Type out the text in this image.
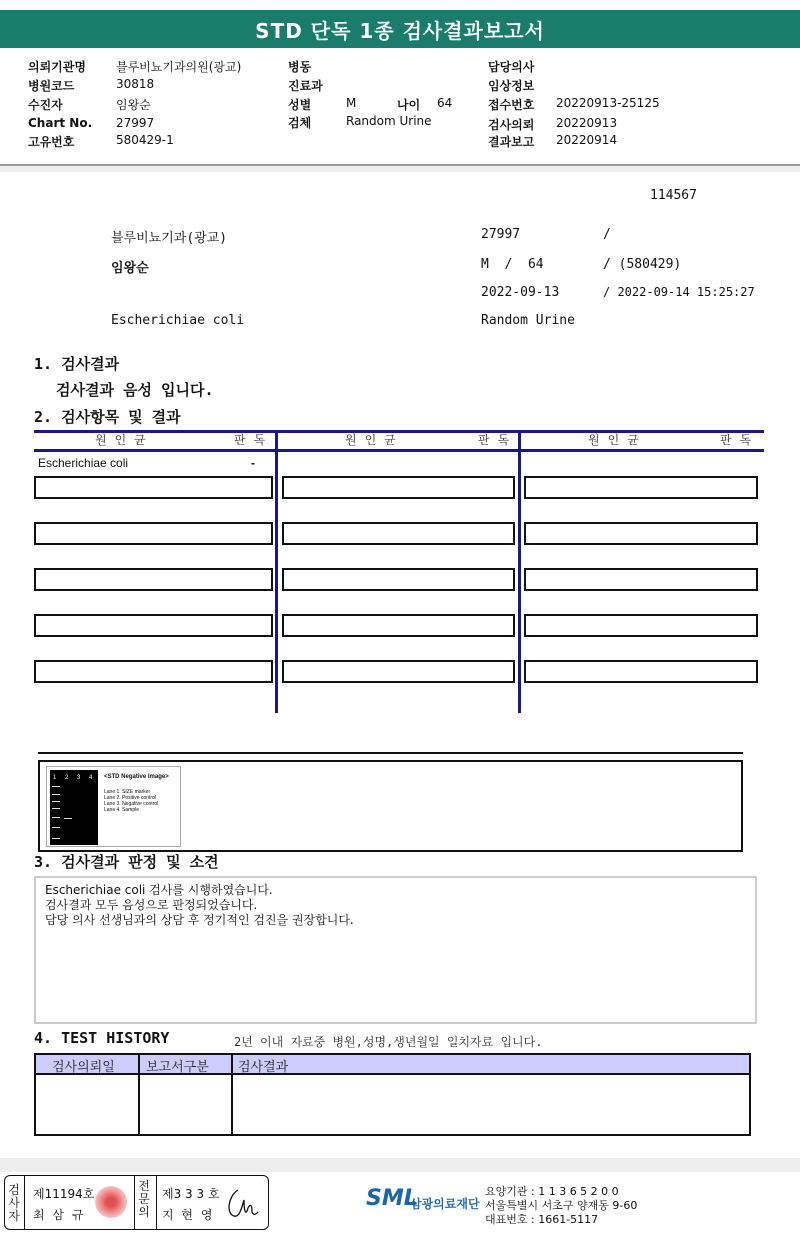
STD 단독 1종 검사결과보고서
의뢰기관명	블루비뇨기과의원(광교)
병원코드	30818
수진자	임왕순
Chart No. 27997
고유번호	580429-1
병동
진료과
성별	M	나이 64
검체	Random Urine
담당의사
임상정보
접수번호 20220913-25125
검사의뢰 20220913
결과보고 20220914
114567
블루비뇨기과(광교)	27997	/
임왕순	M  /  64	/ (580429)
2022-09-13	/ 2022-09-14 15:25:27
Escherichiae coli	Random Urine
1. 검사결과
검사결과 음성 입니다.
2. 검사항목 및 결과
원인균	판독	원인균	판독	원인균	판독
Escherichiae coli	-
1 2 3 4 <STD Negative Image>
Lane 1. SIZE marker
Lane 2. Positive control
Lane 3. Negative control
Lane 4. Sample
3. 검사결과 판정 및 소견
Escherichiae coli 검사를 시행하였습니다.
검사결과 모두 음성으로 판정되었습니다.
담당 의사 선생님과의 상담 후 정기적인 검진을 권장합니다.
4. TEST HISTORY	2년 이내 자료중 병원,성명,생년월일 일치자료 입니다.
검사의뢰일 보고서구분 검사결과
검사자
제11194호
최 삼 규
전문의
제3 3 3 호
지 현 영
SML
삼광의료재단
요양기관 : 1 1 3 6 5 2 0 0
서울특별시 서초구 양재동 9-60
대표번호 : 1661-5117
